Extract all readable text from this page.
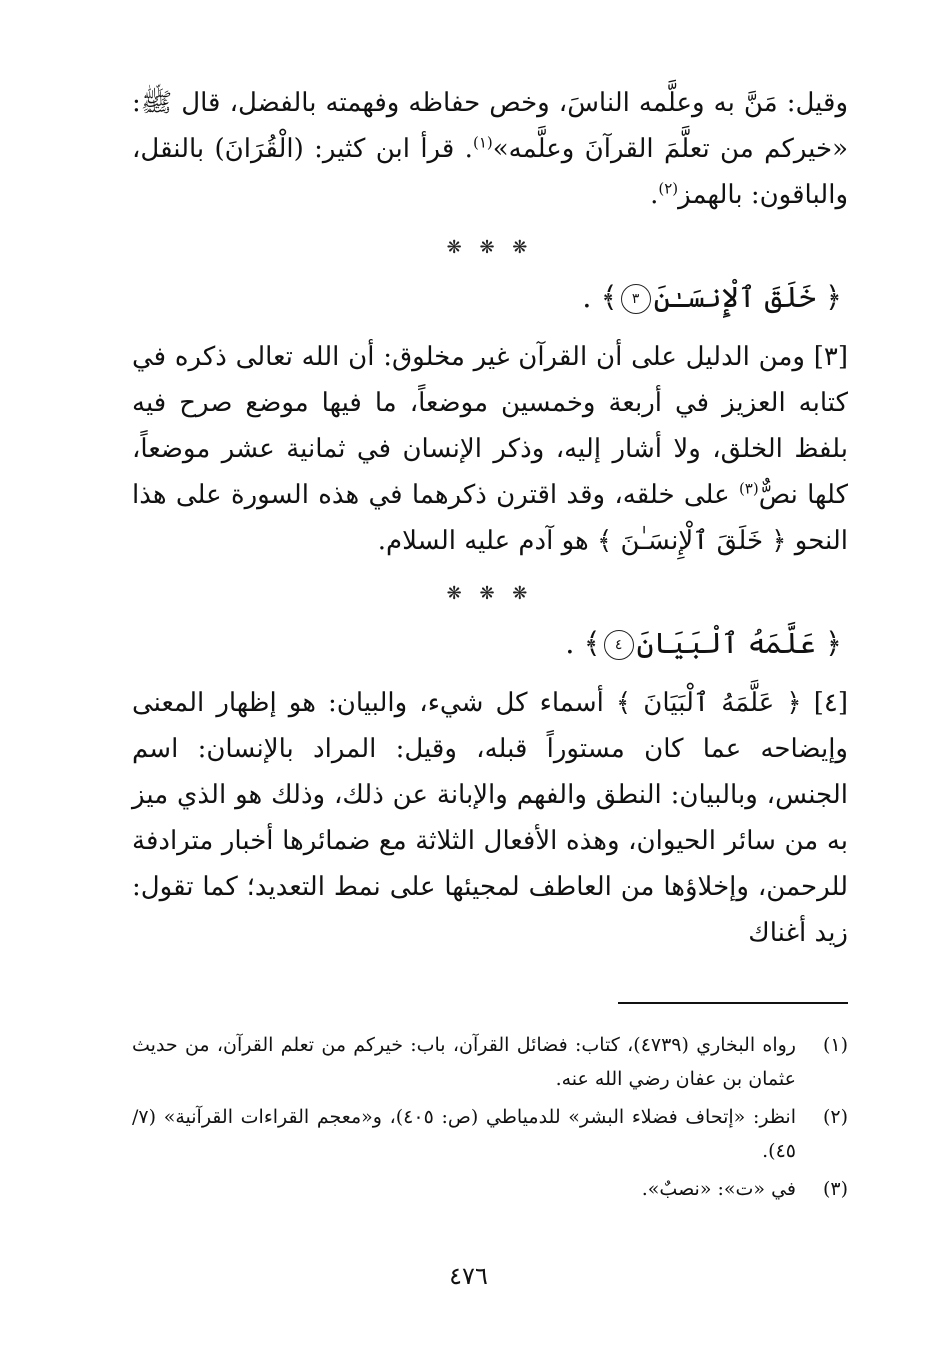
وقيل: مَنَّ به وعلَّمه الناسَ، وخص حفاظه وفهمته بالفضل، قال ﷺ: «خيركم من تعلَّمَ القرآنَ وعلَّمه»$^{(١)}$. قرأ ابن كثير: (الْقُرَانَ) بالنقل، والباقون: بالهمز$^{(٢)}$.

❋ ❋ ❋

﴿ خَلَقَ ٱلْإِنسَـٰنَ٣﴾ .

[٣] ومن الدليل على أن القرآن غير مخلوق: أن الله تعالى ذكره في كتابه العزيز في أربعة وخمسين موضعاً، ما فيها موضع صرح فيه بلفظ الخلق، ولا أشار إليه، وذكر الإنسان في ثمانية عشر موضعاً، كلها نصٌّ$^{(٣)}$ على خلقه، وقد اقترن ذكرهما في هذه السورة على هذا النحو ﴿ خَلَقَ ٱلْإِنسَـٰنَ ﴾ هو آدم عليه السلام.

❋ ❋ ❋

﴿ عَلَّمَهُ ٱلْبَيَانَ٤﴾ .

[٤] ﴿ عَلَّمَهُ ٱلْبَيَانَ ﴾ أسماء كل شيء، والبيان: هو إظهار المعنى وإيضاحه عما كان مستوراً قبله، وقيل: المراد بالإنسان: اسم الجنس، وبالبيان: النطق والفهم والإبانة عن ذلك، وذلك هو الذي ميز به من سائر الحيوان، وهذه الأفعال الثلاثة مع ضمائرها أخبار مترادفة للرحمن، وإخلاؤها من العاطف لمجيئها على نمط التعديد؛ كما تقول: زيد أغناك

(١)
رواه البخاري (٤٧٣٩)، كتاب: فضائل القرآن، باب: خيركم من تعلم القرآن، من حديث عثمان بن عفان رضي الله عنه.
(٢)
انظر: «إتحاف فضلاء البشر» للدمياطي (ص: ٤٠٥)، و«معجم القراءات القرآنية» (٧/ ٤٥).
(٣)
في «ت»: «نصبٌ».
٤٧٦
